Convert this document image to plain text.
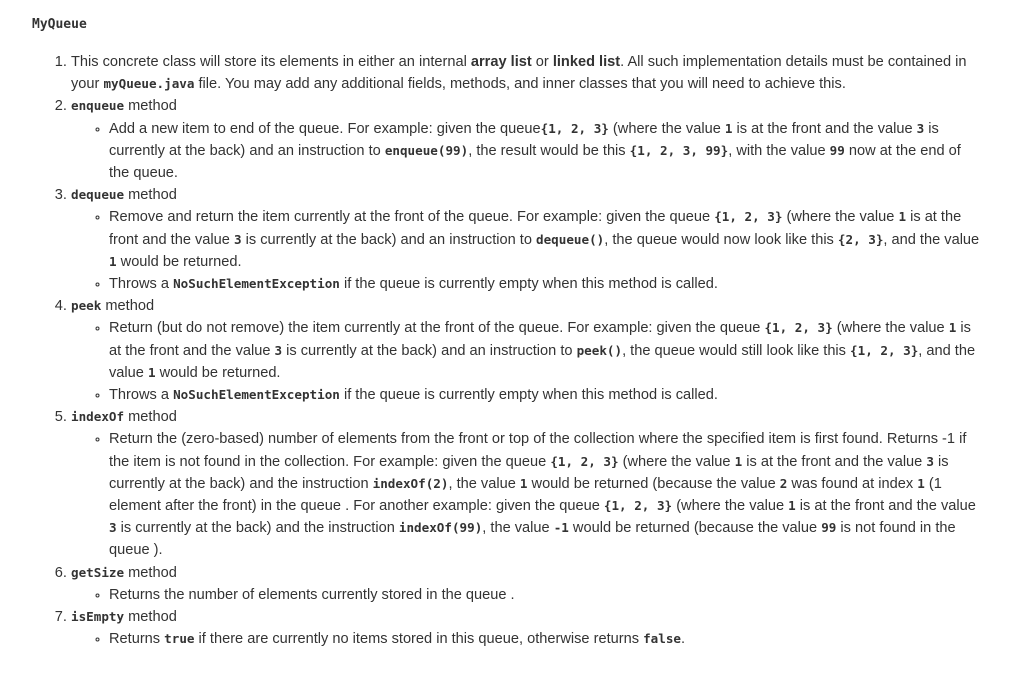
MyQueue
1. This concrete class will store its elements in either an internal array list or linked list. All such implementation details must be contained in your myQueue.java file. You may add any additional fields, methods, and inner classes that you will need to achieve this.
2. enqueue method
◦ Add a new item to end of the queue. For example: given the queue{1, 2, 3} (where the value 1 is at the front and the value 3 is currently at the back) and an instruction to enqueue(99), the result would be this {1, 2, 3, 99}, with the value 99 now at the end of the queue.
3. dequeue method
◦ Remove and return the item currently at the front of the queue. For example: given the queue {1, 2, 3} (where the value 1 is at the front and the value 3 is currently at the back) and an instruction to dequeue(), the queue would now look like this {2, 3}, and the value 1 would be returned.
◦ Throws a NoSuchElementException if the queue is currently empty when this method is called.
4. peek method
◦ Return (but do not remove) the item currently at the front of the queue. For example: given the queue {1, 2, 3} (where the value 1 is at the front and the value 3 is currently at the back) and an instruction to peek(), the queue would still look like this {1, 2, 3}, and the value 1 would be returned.
◦ Throws a NoSuchElementException if the queue is currently empty when this method is called.
5. indexOf method
◦ Return the (zero-based) number of elements from the front or top of the collection where the specified item is first found. Returns -1 if the item is not found in the collection. For example: given the queue {1, 2, 3} (where the value 1 is at the front and the value 3 is currently at the back) and the instruction indexOf(2), the value 1 would be returned (because the value 2 was found at index 1 (1 element after the front) in the queue . For another example: given the queue {1, 2, 3} (where the value 1 is at the front and the value 3 is currently at the back) and the instruction indexOf(99), the value -1 would be returned (because the value 99 is not found in the queue ).
6. getSize method
◦ Returns the number of elements currently stored in the queue .
7. isEmpty method
◦ Returns true if there are currently no items stored in this queue, otherwise returns false.
